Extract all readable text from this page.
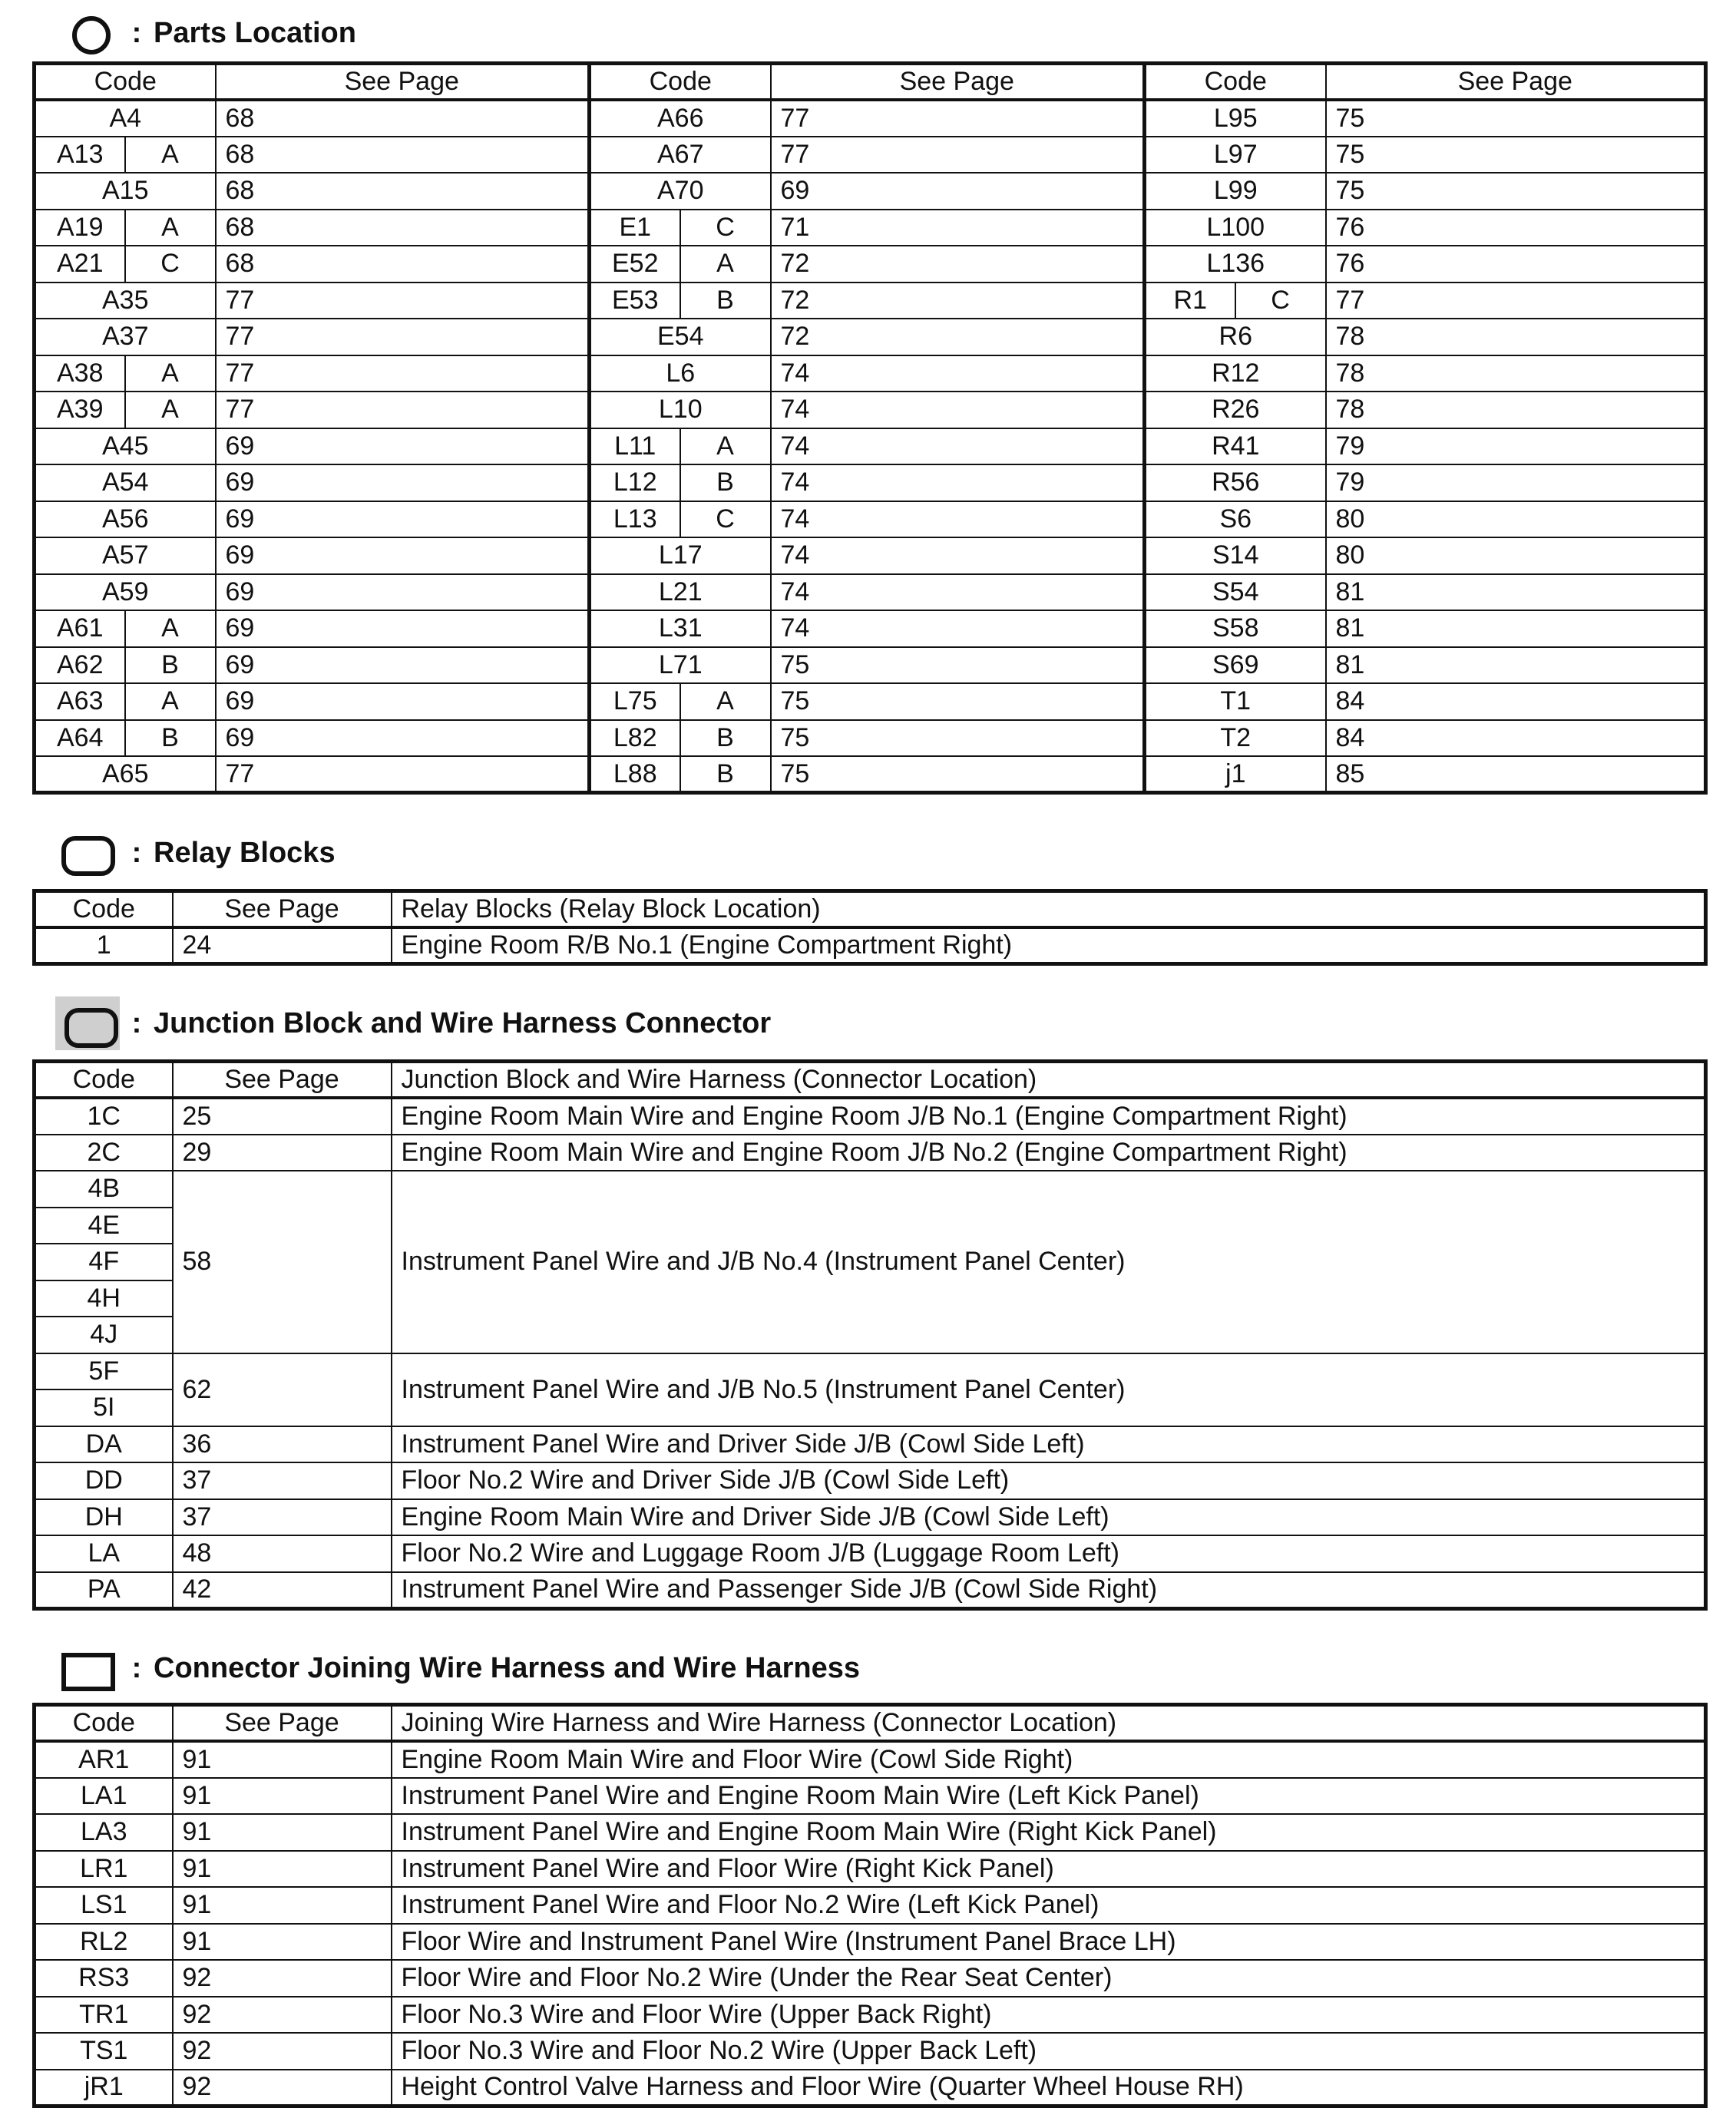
: Parts Location
Code		See Page	Code		See Page	Code		See Page
A4		68	A66		77	L95		75
A13	A	68	A67		77	L97		75
A15		68	A70		69	L99		75
A19	A	68	E1	C	71	L100		76
A21	C	68	E52	A	72	L136		76
A35		77	E53	B	72	R1	C	77
A37		77	E54		72	R6		78
A38	A	77	L6		74	R12		78
A39	A	77	L10		74	R26		78
A45		69	L11	A	74	R41		79
A54		69	L12	B	74	R56		79
A56		69	L13	C	74	S6		80
A57		69	L17		74	S14		80
A59		69	L21		74	S54		81
A61	A	69	L31		74	S58		81
A62	B	69	L71		75	S69		81
A63	A	69	L75	A	75	T1		84
A64	B	69	L82	B	75	T2		84
A65		77	L88	B	75	j1		85
: Relay Blocks
Code	See Page	Relay Blocks (Relay Block Location)
1	24	Engine Room R/B No.1 (Engine Compartment Right)
: Junction Block and Wire Harness Connector
Code	See Page	Junction Block and Wire Harness (Connector Location)
1C	25	Engine Room Main Wire and Engine Room J/B No.1 (Engine Compartment Right)
2C	29	Engine Room Main Wire and Engine Room J/B No.2 (Engine Compartment Right)
4B	58	Instrument Panel Wire and J/B No.4 (Instrument Panel Center)
4E		
4F		
4H		
4J		
5F	62	Instrument Panel Wire and J/B No.5 (Instrument Panel Center)
5I		
DA	36	Instrument Panel Wire and Driver Side J/B (Cowl Side Left)
DD	37	Floor No.2 Wire and Driver Side J/B (Cowl Side Left)
DH	37	Engine Room Main Wire and Driver Side J/B (Cowl Side Left)
LA	48	Floor No.2 Wire and Luggage Room J/B (Luggage Room Left)
PA	42	Instrument Panel Wire and Passenger Side J/B (Cowl Side Right)
: Connector Joining Wire Harness and Wire Harness
Code	See Page	Joining Wire Harness and Wire Harness (Connector Location)
AR1	91	Engine Room Main Wire and Floor Wire (Cowl Side Right)
LA1	91	Instrument Panel Wire and Engine Room Main Wire (Left Kick Panel)
LA3	91	Instrument Panel Wire and Engine Room Main Wire (Right Kick Panel)
LR1	91	Instrument Panel Wire and Floor Wire (Right Kick Panel)
LS1	91	Instrument Panel Wire and Floor No.2 Wire (Left Kick Panel)
RL2	91	Floor Wire and Instrument Panel Wire (Instrument Panel Brace LH)
RS3	92	Floor Wire and Floor No.2 Wire (Under the Rear Seat Center)
TR1	92	Floor No.3 Wire and Floor Wire (Upper Back Right)
TS1	92	Floor No.3 Wire and Floor No.2 Wire (Upper Back Left)
jR1	92	Height Control Valve Harness and Floor Wire (Quarter Wheel House RH)
